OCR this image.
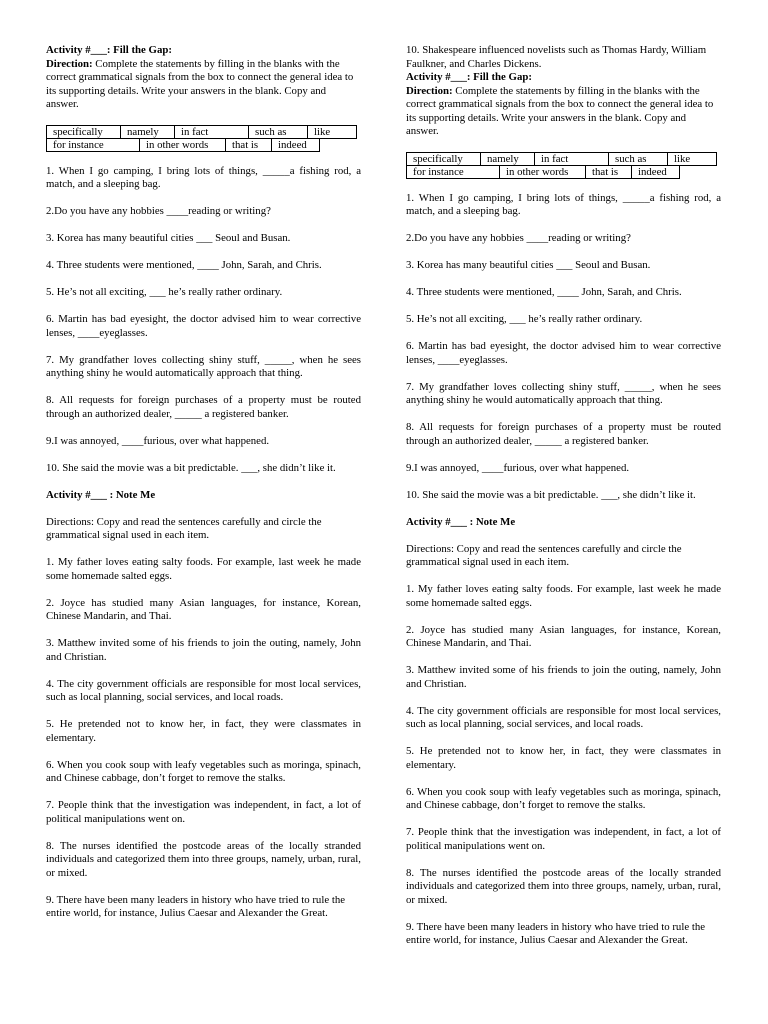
Activity #___: Fill the Gap:

Direction: Complete the statements by filling in the blanks with the correct grammatical signals from the box to connect the general idea to its supporting details. Write your answers in the blank. Copy and answer.

specifically	namely	in fact	such as	like
for instance	in other words	that is	indeed

1. When I go camping, I bring lots of things, _____a fishing rod, a match, and a sleeping bag.

2.Do you have any hobbies ____reading or writing?

3. Korea has many beautiful cities ___ Seoul and Busan.

4. Three students were mentioned, ____ John, Sarah, and Chris.

5. He’s not all exciting, ___ he’s really rather ordinary.

6. Martin has bad eyesight, the doctor advised him to wear corrective lenses, ____eyeglasses.

7. My grandfather loves collecting shiny stuff, _____, when he sees anything shiny he would automatically approach that thing.

8. All requests for foreign purchases of a property must be routed through an authorized dealer, _____ a registered banker.

9.I was annoyed, ____furious, over what happened.

10. She said the movie was a bit predictable. ___, she didn’t like it.

Activity #___ : Note Me

Directions: Copy and read the sentences carefully and circle the grammatical signal used in each item.

1. My father loves eating salty foods. For example, last week he made some homemade salted eggs.

2. Joyce has studied many Asian languages, for instance, Korean, Chinese Mandarin, and Thai.

3. Matthew invited some of his friends to join the outing, namely, John and Christian.

4. The city government officials are responsible for most local services, such as local planning, social services, and local roads.

5. He pretended not to know her, in fact, they were classmates in elementary.

6. When you cook soup with leafy vegetables such as moringa, spinach, and Chinese cabbage, don’t forget to remove the stalks.

7. People think that the investigation was independent, in fact, a lot of political manipulations went on.

8. The nurses identified the postcode areas of the locally stranded individuals and categorized them into three groups, namely, urban, rural, or mixed.

9. There have been many leaders in history who have tried to rule the entire world, for instance, Julius Caesar and Alexander the Great.

10. Shakespeare influenced novelists such as Thomas Hardy, William Faulkner, and Charles Dickens.

Activity #___: Fill the Gap:

Direction: Complete the statements by filling in the blanks with the correct grammatical signals from the box to connect the general idea to its supporting details. Write your answers in the blank. Copy and answer.

specifically	namely	in fact	such as	like
for instance	in other words	that is	indeed

1. When I go camping, I bring lots of things, _____a fishing rod, a match, and a sleeping bag.

2.Do you have any hobbies ____reading or writing?

3. Korea has many beautiful cities ___ Seoul and Busan.

4. Three students were mentioned, ____ John, Sarah, and Chris.

5. He’s not all exciting, ___ he’s really rather ordinary.

6. Martin has bad eyesight, the doctor advised him to wear corrective lenses, ____eyeglasses.

7. My grandfather loves collecting shiny stuff, _____, when he sees anything shiny he would automatically approach that thing.

8. All requests for foreign purchases of a property must be routed through an authorized dealer, _____ a registered banker.

9.I was annoyed, ____furious, over what happened.

10. She said the movie was a bit predictable. ___, she didn’t like it.

Activity #___ : Note Me

Directions: Copy and read the sentences carefully and circle the grammatical signal used in each item.

1. My father loves eating salty foods. For example, last week he made some homemade salted eggs.

2. Joyce has studied many Asian languages, for instance, Korean, Chinese Mandarin, and Thai.

3. Matthew invited some of his friends to join the outing, namely, John and Christian.

4. The city government officials are responsible for most local services, such as local planning, social services, and local roads.

5. He pretended not to know her, in fact, they were classmates in elementary.

6. When you cook soup with leafy vegetables such as moringa, spinach, and Chinese cabbage, don’t forget to remove the stalks.

7. People think that the investigation was independent, in fact, a lot of political manipulations went on.

8. The nurses identified the postcode areas of the locally stranded individuals and categorized them into three groups, namely, urban, rural, or mixed.

9. There have been many leaders in history who have tried to rule the entire world, for instance, Julius Caesar and Alexander the Great.
